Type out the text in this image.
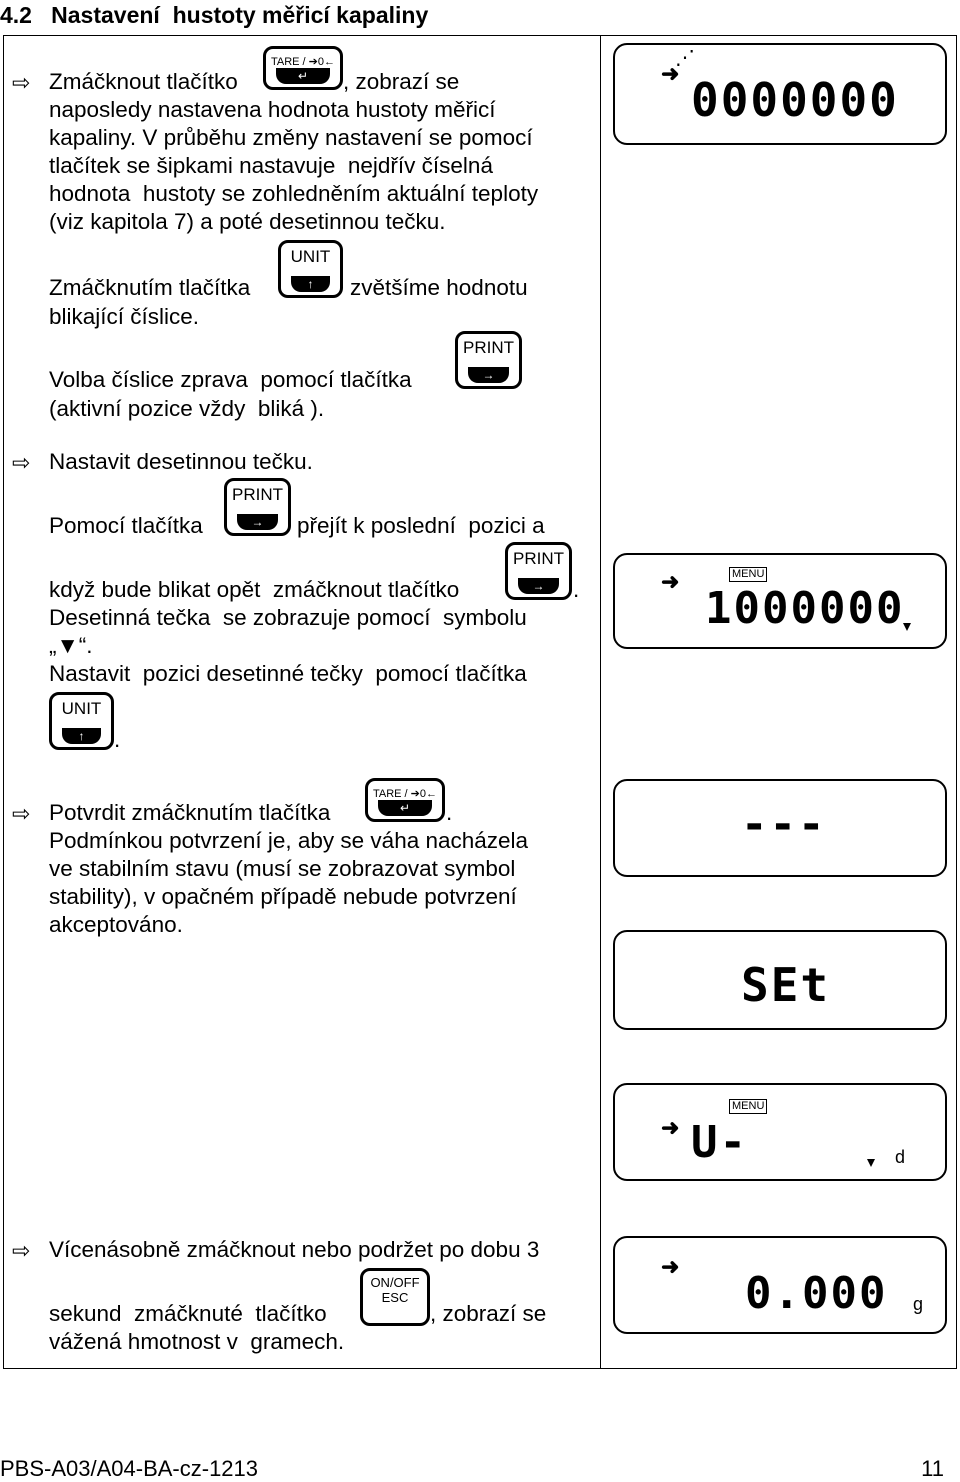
4.2   Nastavení  hustoty měřicí kapaliny
⇨ Zmáčknout tlačítko
TARE / ➔0←
↵	, zobrazí se
naposledy nastavena hodnota hustoty měřicí
kapaliny. V průběhu změny nastavení se pomocí
tlačítek se šipkami nastavuje  nejdřív číselná
hodnota  hustoty se zohledněním aktuální teploty
(viz kapitola 7) a poté desetinnou tečku.
Zmáčknutím tlačítka
UNIT
↑	zvětšíme hodnotu
blikající číslice.
PRINT
→
Volba číslice zprava  pomocí tlačítka
(aktivní pozice vždy  bliká ).
⇨ Nastavit desetinnou tečku.
Pomocí tlačítka
PRINT
→	přejít k poslední  pozici a
když bude blikat opět  zmáčknout tlačítko
PRINT
→	.
Desetinná tečka  se zobrazuje pomocí  symbolu
„▼“.
Nastavit  pozici desetinné tečky  pomocí tlačítka
UNIT
↑	.
⇨ Potvrdit zmáčknutím tlačítka
TARE / ➔0←
↵	.
Podmínkou potvrzení je, aby se váha nacházela
ve stabilním stavu (musí se zobrazovat symbol
stability), v opačném případě nebude potvrzení
akceptováno.
⇨ Vícenásobně zmáčknout nebo podržet po dobu 3
sekund  zmáčknuté  tlačítko
ON/OFF
ESC
, zobrazí se
vážená hmotnost v  gramech.
➜
⋰
0000000
➜	MENU
1000000
---
SEt
➜
MENU
U-	d
➜
0.000 g
PBS-A03/A04-BA-cz-1213	11
